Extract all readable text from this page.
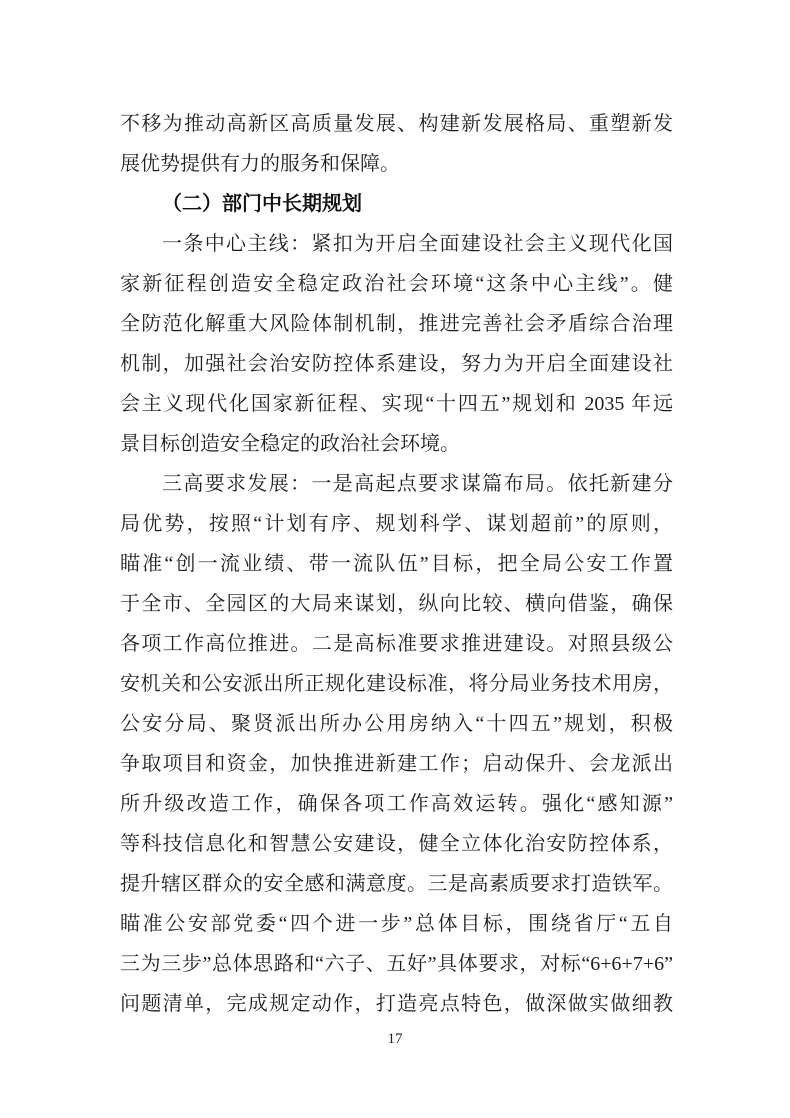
不移为推动高新区高质量发展、构建新发展格局、重塑新发
展优势提供有力的服务和保障。
（二）部门中长期规划
一条中心主线：紧扣为开启全面建设社会主义现代化国
家新征程创造安全稳定政治社会环境“这条中心主线”。健
全防范化解重大风险体制机制，推进完善社会矛盾综合治理
机制，加强社会治安防控体系建设，努力为开启全面建设社
会主义现代化国家新征程、实现“十四五”规划和 2035 年远
景目标创造安全稳定的政治社会环境。
三高要求发展：一是高起点要求谋篇布局。依托新建分
局优势，按照“计划有序、规划科学、谋划超前”的原则，
瞄准“创一流业绩、带一流队伍”目标，把全局公安工作置
于全市、全园区的大局来谋划，纵向比较、横向借鉴，确保
各项工作高位推进。二是高标准要求推进建设。对照县级公
安机关和公安派出所正规化建设标准，将分局业务技术用房，
公安分局、聚贤派出所办公用房纳入“十四五”规划，积极
争取项目和资金，加快推进新建工作；启动保升、会龙派出
所升级改造工作，确保各项工作高效运转。强化“感知源”
等科技信息化和智慧公安建设，健全立体化治安防控体系，
提升辖区群众的安全感和满意度。三是高素质要求打造铁军。
瞄准公安部党委“四个进一步”总体目标，围绕省厅“五自
三为三步”总体思路和“六子、五好”具体要求，对标“6+6+7+6”
问题清单，完成规定动作，打造亮点特色，做深做实做细教
17
